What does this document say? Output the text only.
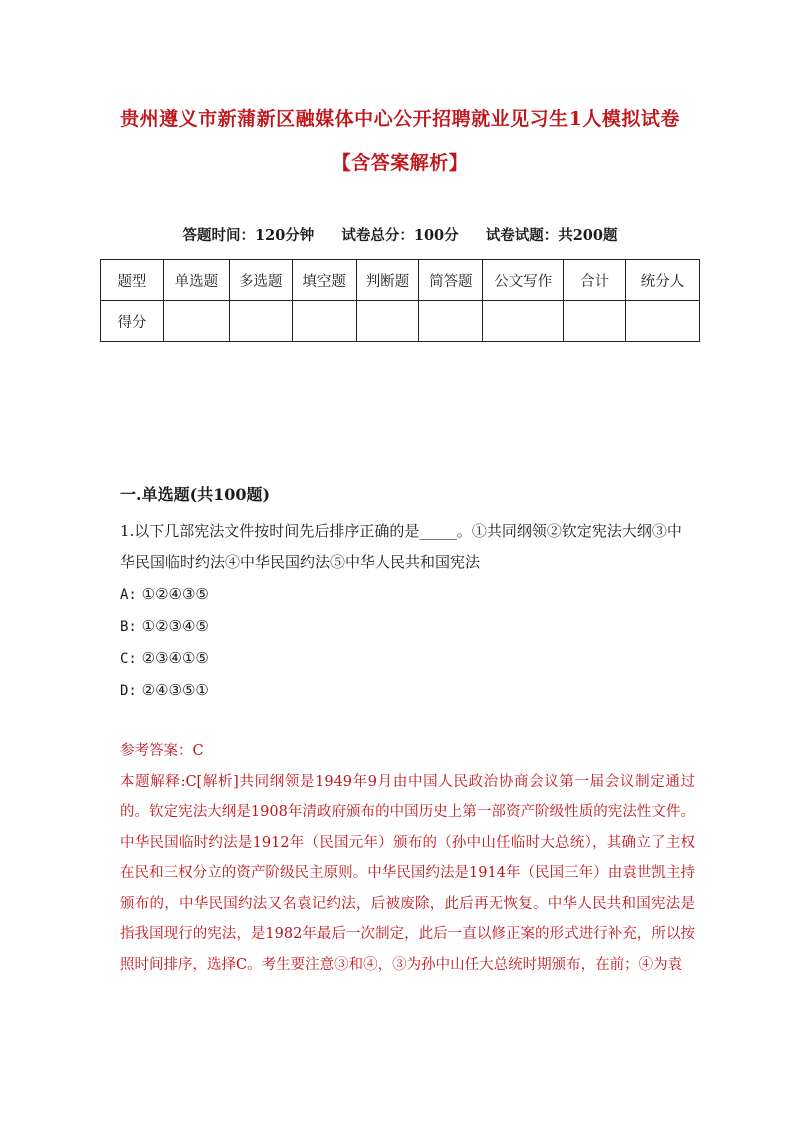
贵州遵义市新蒲新区融媒体中心公开招聘就业见习生1人模拟试卷
【含答案解析】
答题时间：120分钟 试卷总分：100分 试卷试题：共200题
题型	单选题	多选题	填空题	判断题	简答题	公文写作	合计	统分人
得分								
一.单选题(共100题)
1.以下几部宪法文件按时间先后排序正确的是_____。①共同纲领②钦定宪法大纲③中华民国临时约法④中华民国约法⑤中华人民共和国宪法
A: ①②④③⑤
B: ①②③④⑤
C: ②③④①⑤
D: ②④③⑤①
参考答案：C
本题解释:C[解析]共同纲领是1949年9月由中国人民政治协商会议第一届会议制定通过的。钦定宪法大纲是1908年清政府颁布的中国历史上第一部资产阶级性质的宪法性文件。中华民国临时约法是1912年（民国元年）颁布的（孙中山任临时大总统），其确立了主权在民和三权分立的资产阶级民主原则。中华民国约法是1914年（民国三年）由袁世凯主持颁布的，中华民国约法又名袁记约法，后被废除，此后再无恢复。中华人民共和国宪法是指我国现行的宪法，是1982年最后一次制定，此后一直以修正案的形式进行补充，所以按照时间排序，选择C。考生要注意③和④，③为孙中山任大总统时期颁布，在前；④为袁
